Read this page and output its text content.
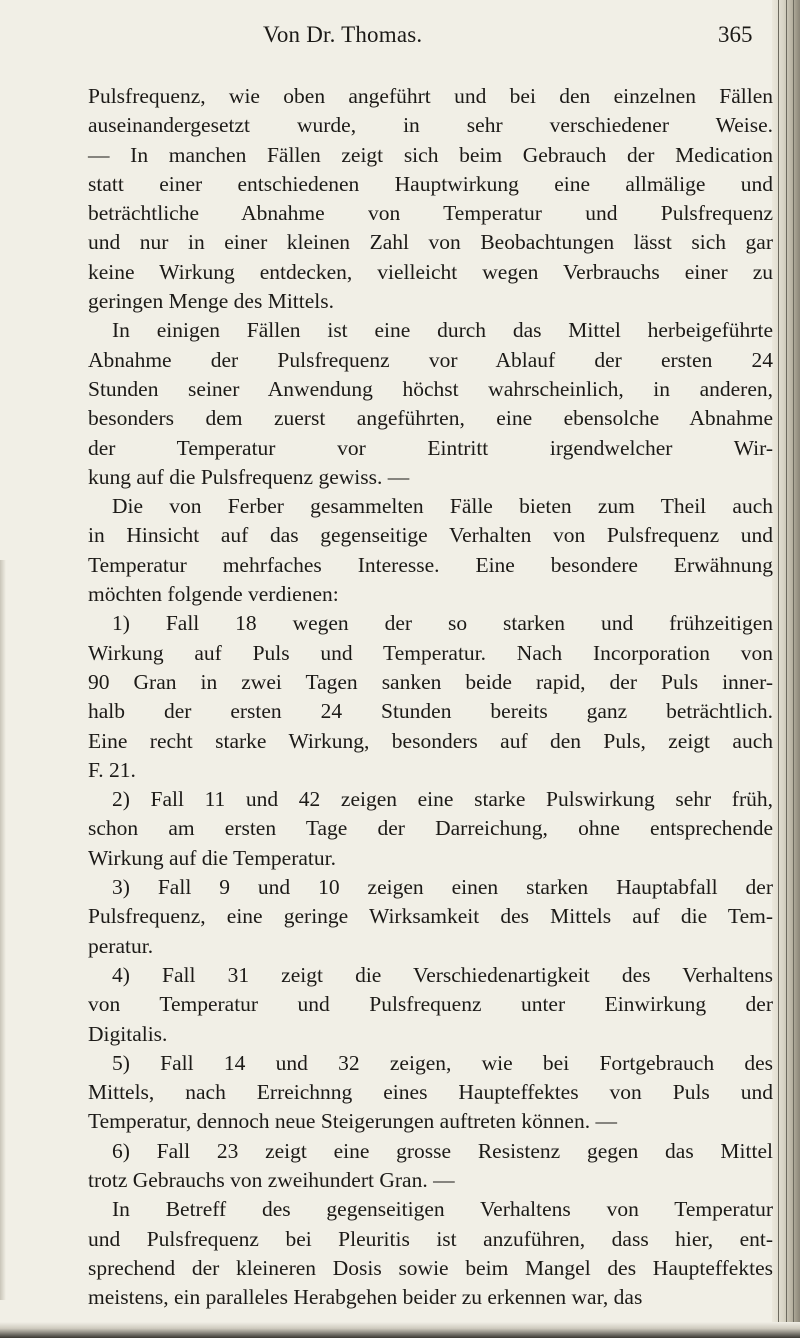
Von Dr. Thomas.	365
Pulsfrequenz, wie oben angeführt und bei den einzelnen Fällen
auseinandergesetzt wurde, in sehr verschiedener Weise.
— In manchen Fällen zeigt sich beim Gebrauch der Medication
statt einer entschiedenen Hauptwirkung eine allmälige und
beträchtliche Abnahme von Temperatur und Pulsfrequenz
und nur in einer kleinen Zahl von Beobachtungen lässt sich gar
keine Wirkung entdecken, vielleicht wegen Verbrauchs einer zu
geringen Menge des Mittels.
In einigen Fällen ist eine durch das Mittel herbeigeführte
Abnahme der Pulsfrequenz vor Ablauf der ersten 24
Stunden seiner Anwendung höchst wahrscheinlich, in anderen,
besonders dem zuerst angeführten, eine ebensolche Abnahme
der Temperatur vor Eintritt irgendwelcher Wir-
kung auf die Pulsfrequenz gewiss. —
Die von Ferber gesammelten Fälle bieten zum Theil auch
in Hinsicht auf das gegenseitige Verhalten von Pulsfrequenz und
Temperatur mehrfaches Interesse. Eine besondere Erwähnung
möchten folgende verdienen:
1) Fall 18 wegen der so starken und frühzeitigen
Wirkung auf Puls und Temperatur. Nach Incorporation von
90 Gran in zwei Tagen sanken beide rapid, der Puls inner-
halb der ersten 24 Stunden bereits ganz beträchtlich.
Eine recht starke Wirkung, besonders auf den Puls, zeigt auch
F. 21.
2) Fall 11 und 42 zeigen eine starke Pulswirkung sehr früh,
schon am ersten Tage der Darreichung, ohne entsprechende
Wirkung auf die Temperatur.
3) Fall 9 und 10 zeigen einen starken Hauptabfall der
Pulsfrequenz, eine geringe Wirksamkeit des Mittels auf die Tem-
peratur.
4) Fall 31 zeigt die Verschiedenartigkeit des Verhaltens
von Temperatur und Pulsfrequenz unter Einwirkung der
Digitalis.
5) Fall 14 und 32 zeigen, wie bei Fortgebrauch des
Mittels, nach Erreichnng eines Haupteffektes von Puls und
Temperatur, dennoch neue Steigerungen auftreten können. —
6) Fall 23 zeigt eine grosse Resistenz gegen das Mittel
trotz Gebrauchs von zweihundert Gran. —
In Betreff des gegenseitigen Verhaltens von Temperatur
und Pulsfrequenz bei Pleuritis ist anzuführen, dass hier, ent-
sprechend der kleineren Dosis sowie beim Mangel des Haupteffektes
meistens, ein paralleles Herabgehen beider zu erkennen war, das
